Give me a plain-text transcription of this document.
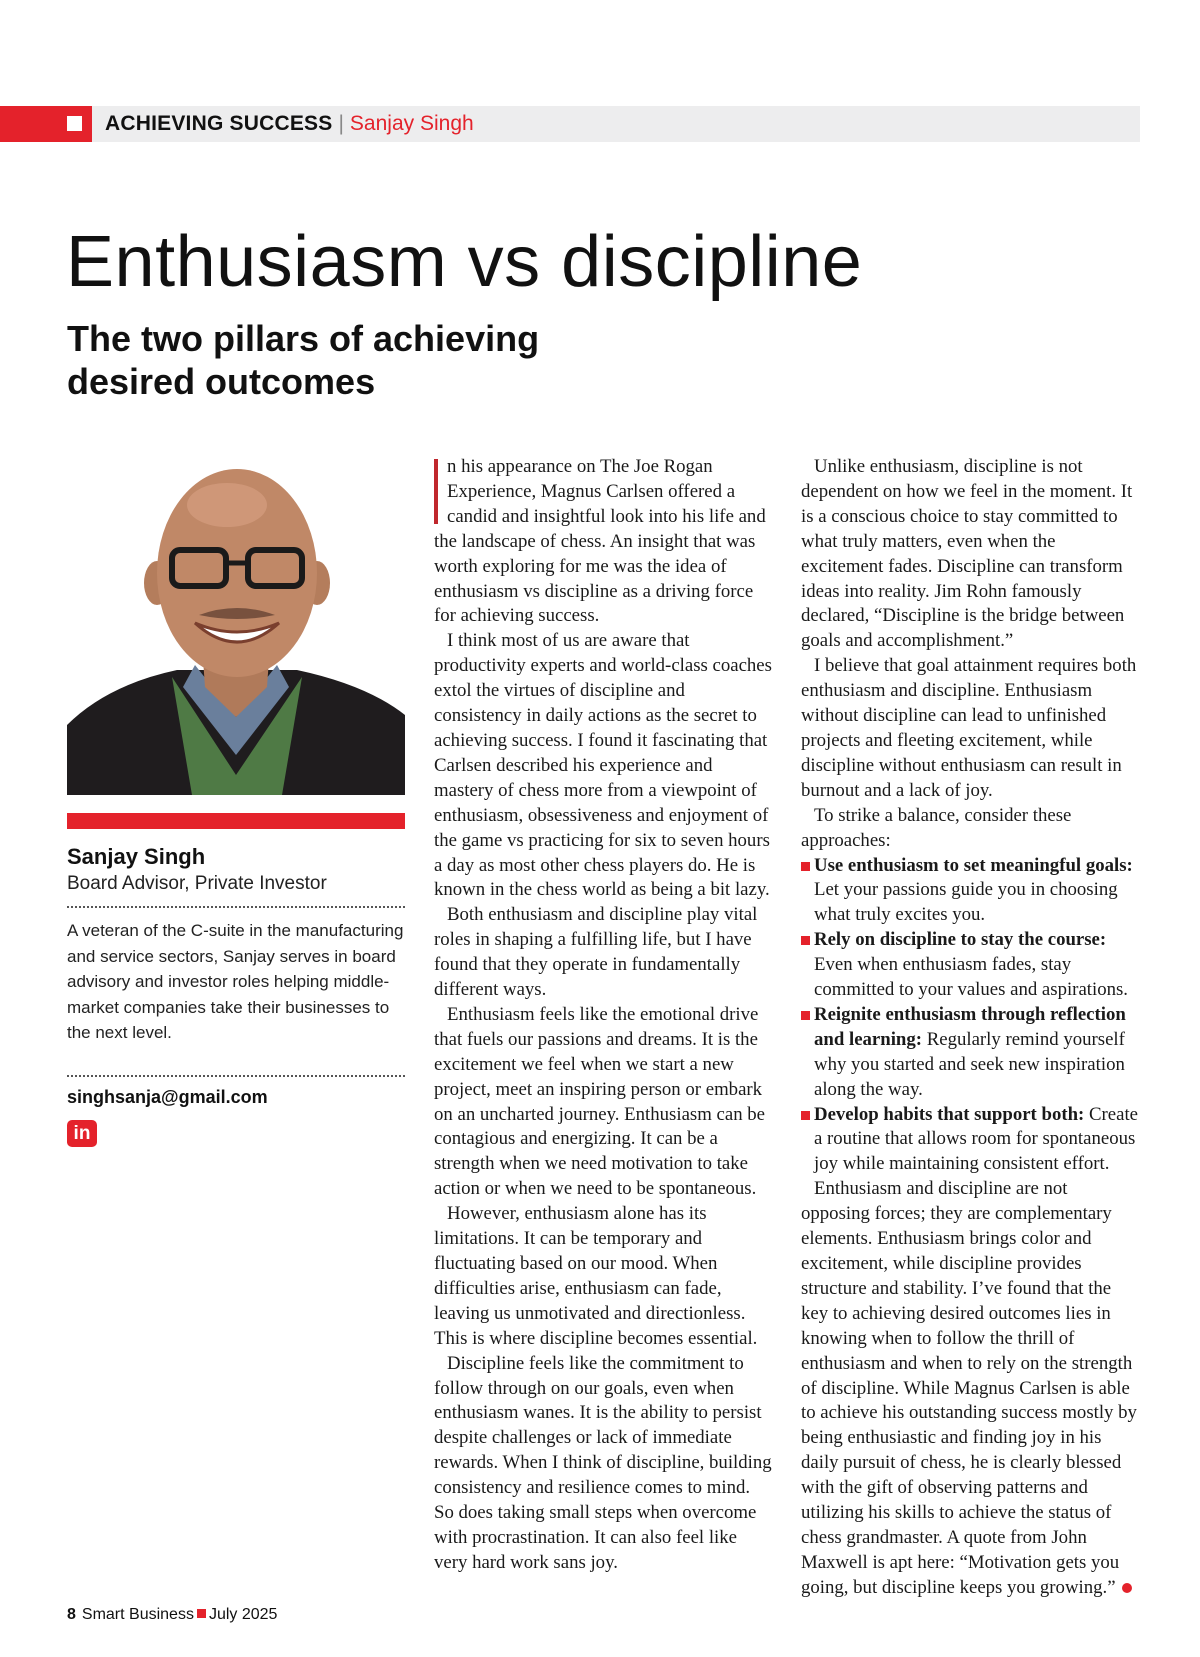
ACHIEVING SUCCESS | Sanjay Singh
Enthusiasm vs discipline
The two pillars of achieving desired outcomes
Sanjay Singh
Board Advisor, Private Investor
A veteran of the C-suite in the manufacturing and service sectors, Sanjay serves in board advisory and investor roles helping middle-market companies take their businesses to the next level.
singhsanja@gmail.com
in

n his appearance on The Joe Rogan Experience, Magnus Carlsen offered a candid and insightful look into his life and the landscape of chess. An insight that was worth exploring for me was the idea of enthusiasm vs discipline as a driving force for achieving success.

I think most of us are aware that productivity experts and world-class coaches extol the virtues of discipline and consistency in daily actions as the secret to achieving success. I found it fascinating that Carlsen described his experience and mastery of chess more from a viewpoint of enthusiasm, obsessiveness and enjoyment of the game vs practicing for six to seven hours a day as most other chess players do. He is known in the chess world as being a bit lazy.

Both enthusiasm and discipline play vital roles in shaping a fulfilling life, but I have found that they operate in fundamentally different ways.

Enthusiasm feels like the emotional drive that fuels our passions and dreams. It is the excitement we feel when we start a new project, meet an inspiring person or embark on an uncharted journey. Enthusiasm can be contagious and energizing. It can be a strength when we need motivation to take action or when we need to be spontaneous.

However, enthusiasm alone has its limitations. It can be temporary and fluctuating based on our mood. When difficulties arise, enthusiasm can fade, leaving us unmotivated and directionless. This is where discipline becomes essential.

Discipline feels like the commitment to follow through on our goals, even when enthusiasm wanes. It is the ability to persist despite challenges or lack of immediate rewards. When I think of discipline, building consistency and resilience comes to mind. So does taking small steps when overcome with procrastination. It can also feel like very hard work sans joy.

Unlike enthusiasm, discipline is not dependent on how we feel in the moment. It is a conscious choice to stay committed to what truly matters, even when the excitement fades. Discipline can transform ideas into reality. Jim Rohn famously declared, “Discipline is the bridge between goals and accomplishment.”

I believe that goal attainment requires both enthusiasm and discipline. Enthusiasm without discipline can lead to unfinished projects and fleeting excitement, while discipline without enthusiasm can result in burnout and a lack of joy.

To strike a balance, consider these approaches:

Use enthusiasm to set meaningful goals: Let your passions guide you in choosing what truly excites you.

Rely on discipline to stay the course: Even when enthusiasm fades, stay committed to your values and aspirations.

Reignite enthusiasm through reflection and learning: Regularly remind yourself why you started and seek new inspiration along the way.

Develop habits that support both: Create a routine that allows room for spontaneous joy while maintaining consistent effort.

Enthusiasm and discipline are not opposing forces; they are complementary elements. Enthusiasm brings color and excitement, while discipline provides structure and stability. I’ve found that the key to achieving desired outcomes lies in knowing when to follow the thrill of enthusiasm and when to rely on the strength of discipline. While Magnus Carlsen is able to achieve his outstanding success mostly by being enthusiastic and finding joy in his daily pursuit of chess, he is clearly blessed with the gift of observing patterns and utilizing his skills to achieve the status of chess grandmaster. A quote from John Maxwell is apt here: “Motivation gets you going, but discipline keeps you growing.”

8 Smart Business July 2025
